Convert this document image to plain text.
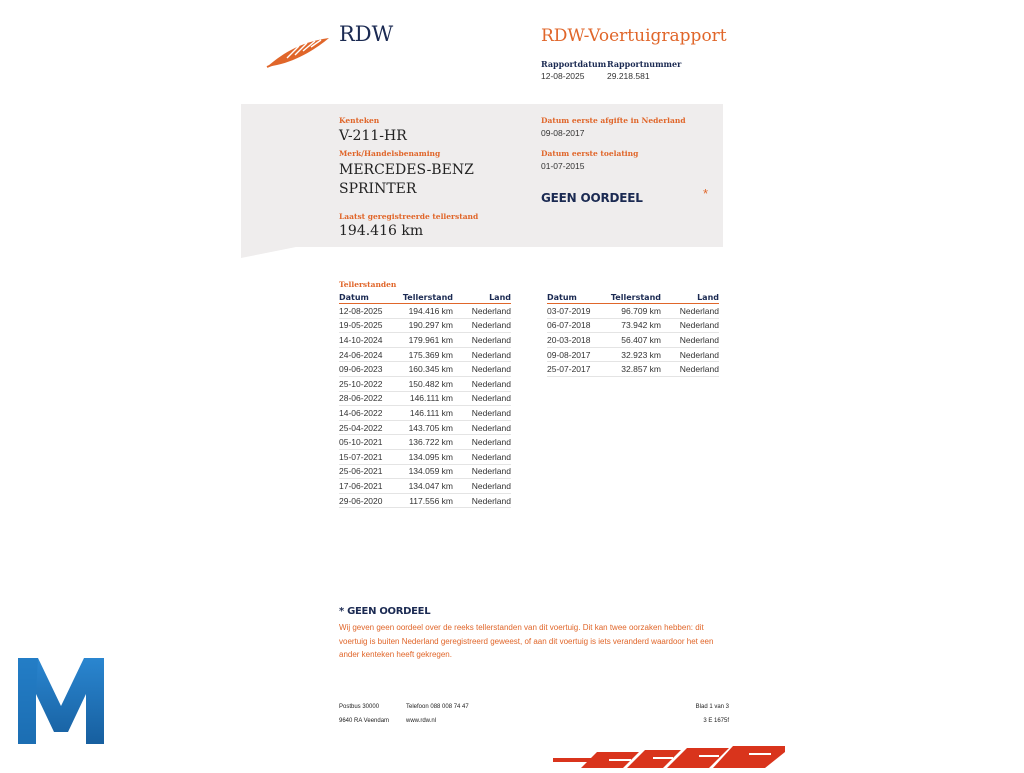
RDW	RDW-Voertuigrapport
Rapportdatum
12-08-2025
Rapportnummer
29.218.581
Kenteken
V-211-HR
Merk/Handelsbenaming
MERCEDES-BENZ
SPRINTER
Laatst geregistreerde tellerstand
194.416 km
Datum eerste afgifte in Nederland
09-08-2017
Datum eerste toelating
01-07-2015
GEEN OORDEEL	*
Tellerstanden
Datum	Tellerstand	Land
12-08-2025	194.416 km	Nederland
19-05-2025	190.297 km	Nederland
14-10-2024	179.961 km	Nederland
24-06-2024	175.369 km	Nederland
09-06-2023	160.345 km	Nederland
25-10-2022	150.482 km	Nederland
28-06-2022	146.111 km	Nederland
14-06-2022	146.111 km	Nederland
25-04-2022	143.705 km	Nederland
05-10-2021	136.722 km	Nederland
15-07-2021	134.095 km	Nederland
25-06-2021	134.059 km	Nederland
17-06-2021	134.047 km	Nederland
29-06-2020	117.556 km	Nederland
Datum	Tellerstand	Land
03-07-2019	96.709 km	Nederland
06-07-2018	73.942 km	Nederland
20-03-2018	56.407 km	Nederland
09-08-2017	32.923 km	Nederland
25-07-2017	32.857 km	Nederland
* GEEN OORDEEL
Wij geven geen oordeel over de reeks tellerstanden van dit voertuig. Dit kan twee oorzaken hebben: dit voertuig is buiten Nederland geregistreerd geweest, of aan dit voertuig is iets veranderd waardoor het een ander kenteken heeft gekregen.
Postbus 30000
9640 RA Veendam
Telefoon 088 008 74 47
www.rdw.nl
Blad 1 van 3
3 E 1675f
